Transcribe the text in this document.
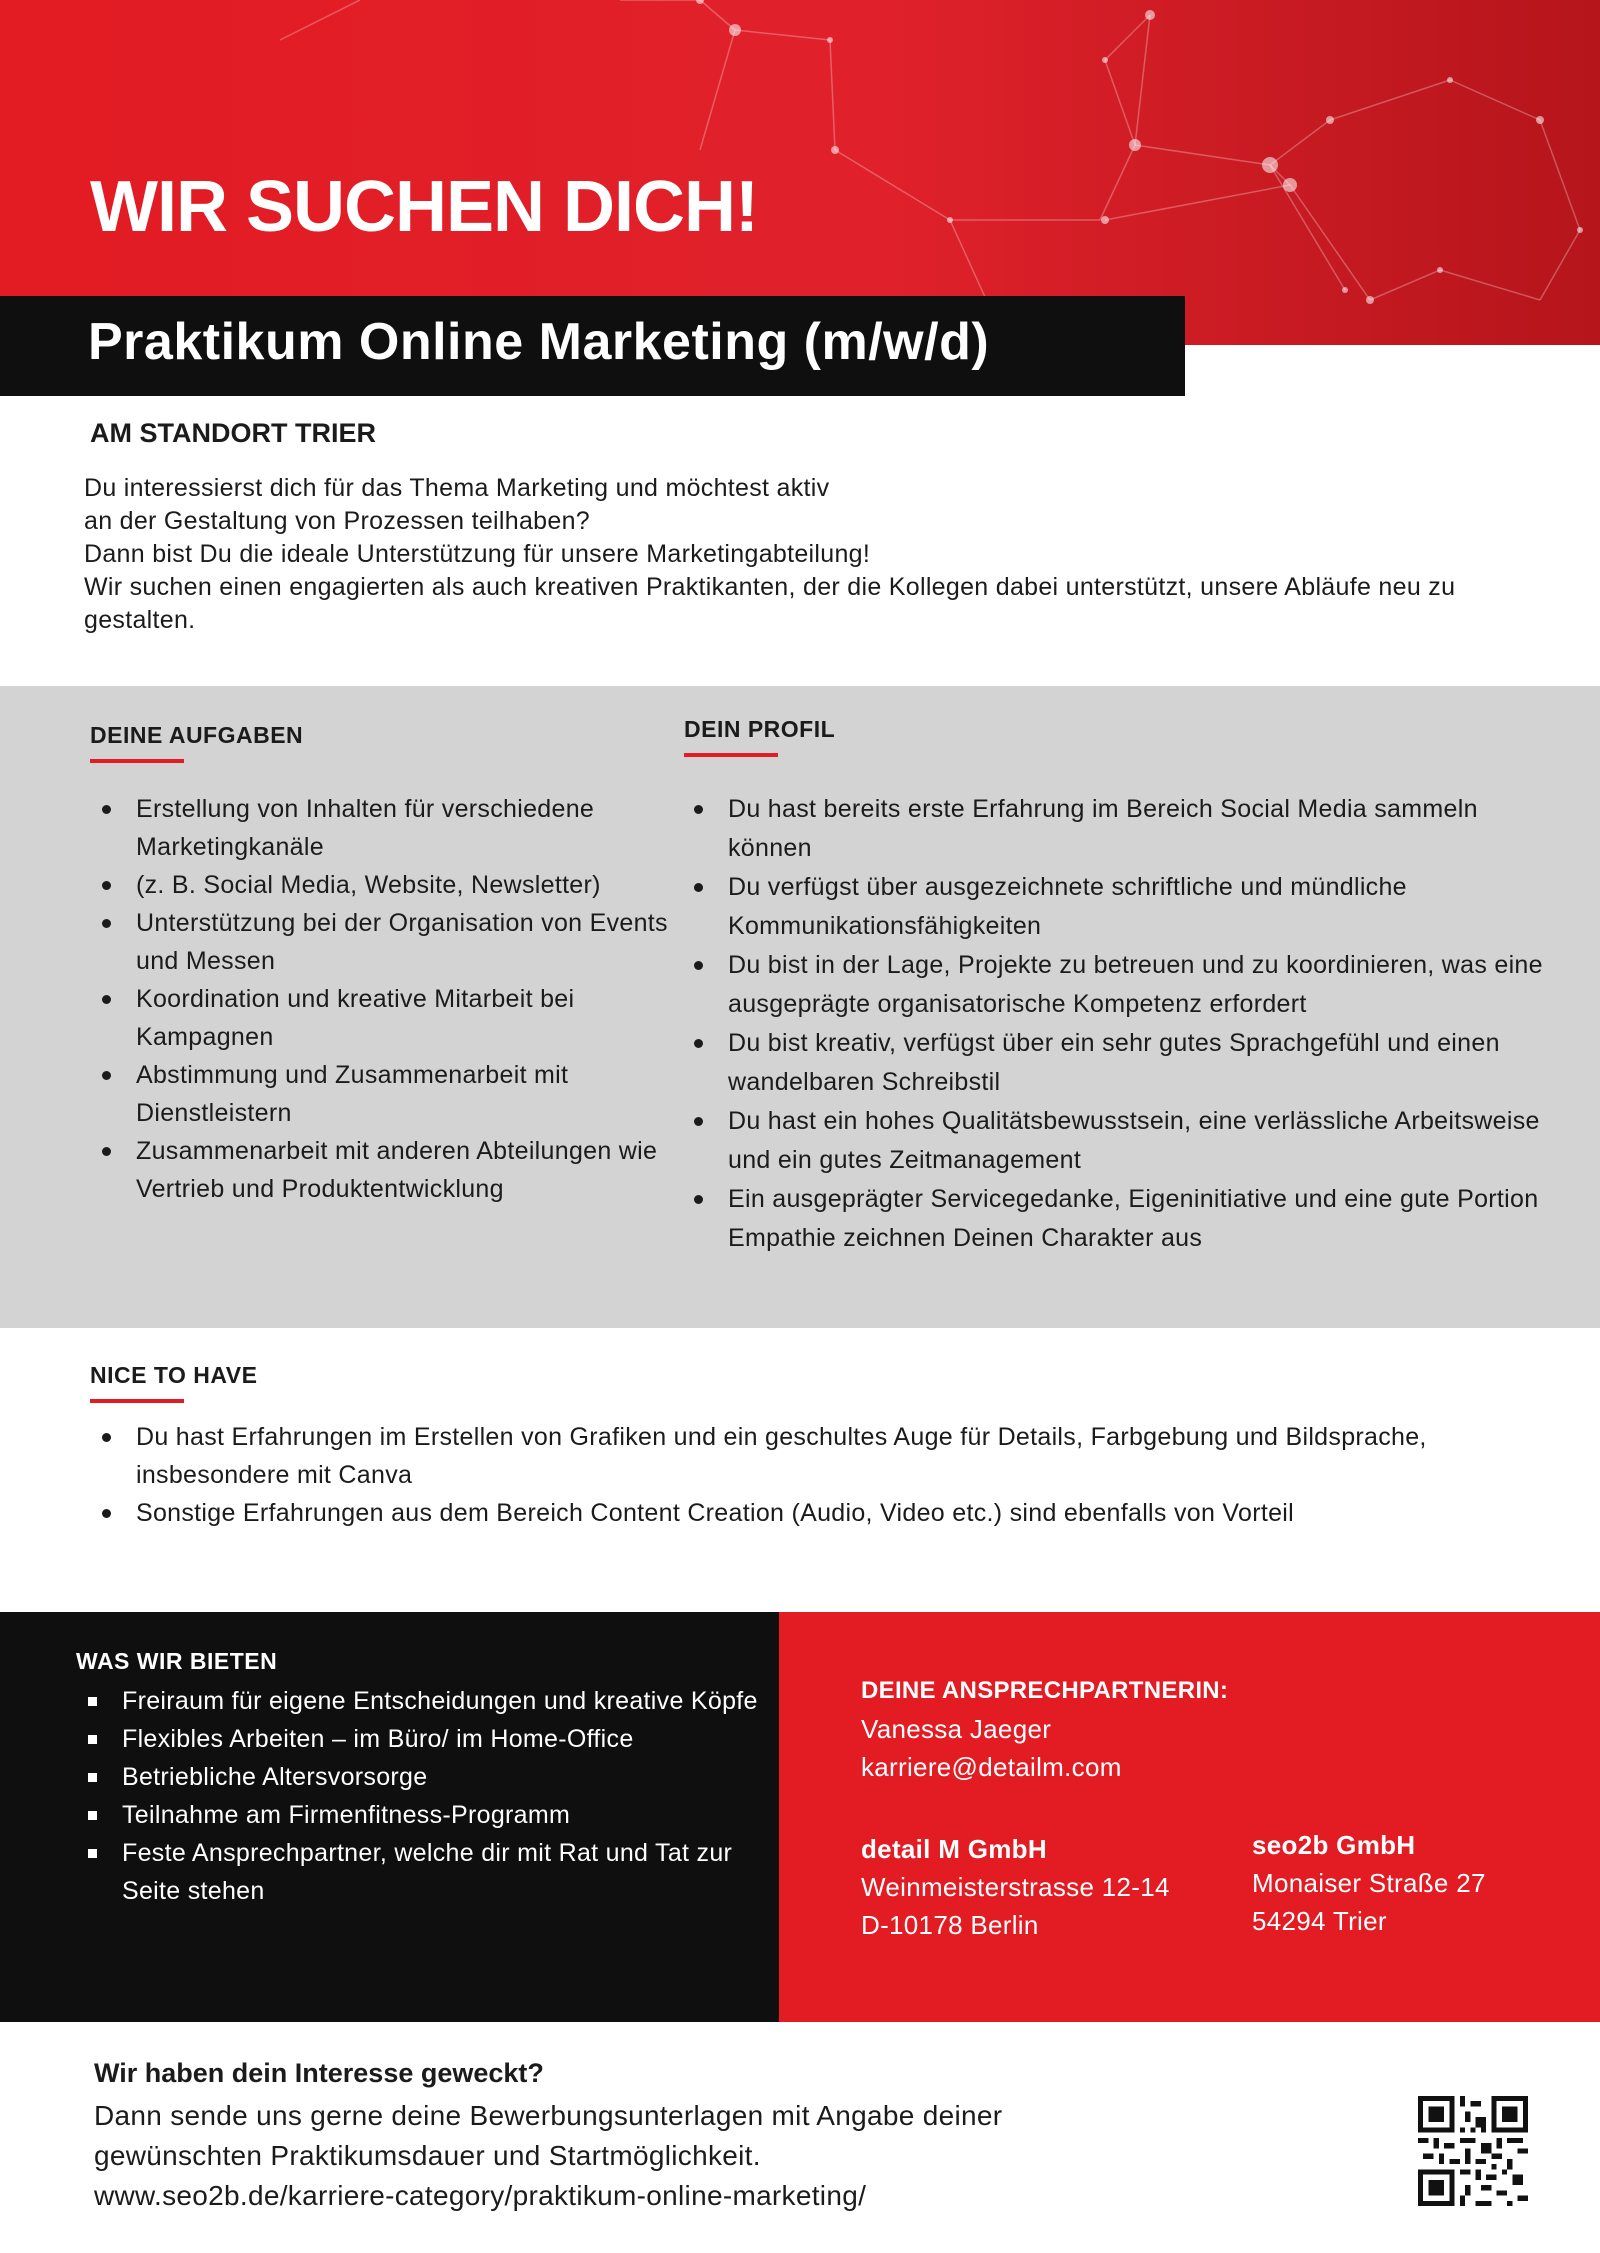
WIR SUCHEN DICH!
Praktikum Online Marketing (m/w/d)
AM STANDORT TRIER

Du interessierst dich für das Thema Marketing und möchtest aktiv

an der Gestaltung von Prozessen teilhaben?

Dann bist Du die ideale Unterstützung für unsere Marketingabteilung!

Wir suchen einen engagierten als auch kreativen Praktikanten, der die Kollegen dabei unterstützt, unsere Abläufe neu zu gestalten.

DEINE AUFGABEN
Erstellung von Inhalten für verschiedene Marketingkanäle
(z. B. Social Media, Website, Newsletter)
Unterstützung bei der Organisation von Events und Messen
Koordination und kreative Mitarbeit bei Kampagnen
Abstimmung und Zusammenarbeit mit Dienstleistern
Zusammenarbeit mit anderen Abteilungen wie Vertrieb und Produktentwicklung
DEIN PROFIL
Du hast bereits erste Erfahrung im Bereich Social Media sammeln können
Du verfügst über ausgezeichnete schriftliche und mündliche Kommunikationsfähigkeiten
Du bist in der Lage, Projekte zu betreuen und zu koordinieren, was eine ausgeprägte organisatorische Kompetenz erfordert
Du bist kreativ, verfügst über ein sehr gutes Sprachgefühl und einen wandelbaren Schreibstil
Du hast ein hohes Qualitätsbewusstsein, eine verlässliche Arbeitsweise und ein gutes Zeitmanagement
Ein ausgeprägter Servicegedanke, Eigeninitiative und eine gute Portion Empathie zeichnen Deinen Charakter aus
NICE TO HAVE
Du hast Erfahrungen im Erstellen von Grafiken und ein geschultes Auge für Details, Farbgebung und Bildsprache, insbesondere mit Canva
Sonstige Erfahrungen aus dem Bereich Content Creation (Audio, Video etc.) sind ebenfalls von Vorteil
WAS WIR BIETEN
Freiraum für eigene Entscheidungen und kreative Köpfe
Flexibles Arbeiten – im Büro/ im Home-Office
Betriebliche Altersvorsorge
Teilnahme am Firmenfitness-Programm
Feste Ansprechpartner, welche dir mit Rat und Tat zur Seite stehen
DEINE ANSPRECHPARTNERIN:
Vanessa Jaeger
karriere@detailm.com
detail M GmbH
Weinmeisterstrasse 12-14
D-10178 Berlin
seo2b GmbH
Monaiser Straße 27
54294 Trier
Wir haben dein Interesse geweckt?
Dann sende uns gerne deine Bewerbungsunterlagen mit Angabe deiner
gewünschten Praktikumsdauer und Startmöglichkeit.
www.seo2b.de/karriere-category/praktikum-online-marketing/
